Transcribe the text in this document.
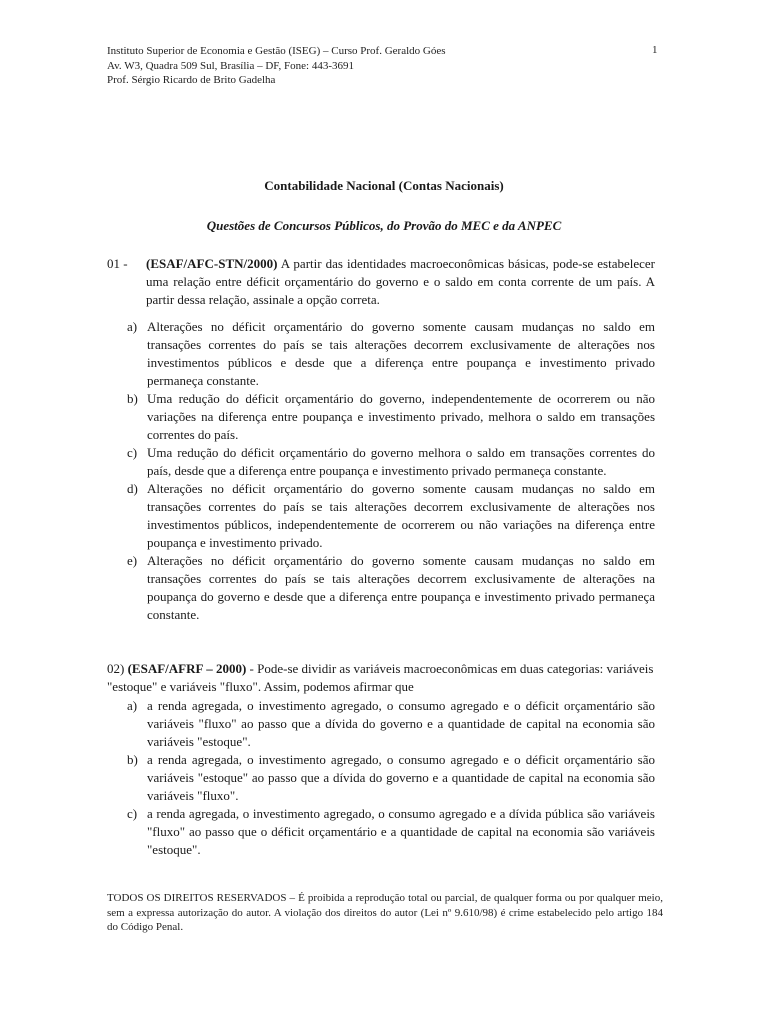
Instituto Superior de Economia e Gestão (ISEG) – Curso Prof. Geraldo Góes
Av. W3, Quadra 509 Sul, Brasília – DF, Fone: 443-3691
Prof. Sérgio Ricardo de Brito Gadelha
1
Contabilidade Nacional (Contas Nacionais)
Questões de Concursos Públicos, do Provão do MEC e da ANPEC
01 - (ESAF/AFC-STN/2000) A partir das identidades macroeconômicas básicas, pode-se estabelecer uma relação entre déficit orçamentário do governo e o saldo em conta corrente de um país. A partir dessa relação, assinale a opção correta.
a) Alterações no déficit orçamentário do governo somente causam mudanças no saldo em transações correntes do país se tais alterações decorrem exclusivamente de alterações nos investimentos públicos e desde que a diferença entre poupança e investimento privado permaneça constante.
b) Uma redução do déficit orçamentário do governo, independentemente de ocorrerem ou não variações na diferença entre poupança e investimento privado, melhora o saldo em transações correntes do país.
c) Uma redução do déficit orçamentário do governo melhora o saldo em transações correntes do país, desde que a diferença entre poupança e investimento privado permaneça constante.
d) Alterações no déficit orçamentário do governo somente causam mudanças no saldo em transações correntes do país se tais alterações decorrem exclusivamente de alterações nos investimentos públicos, independentemente de ocorrerem ou não variações na diferença entre poupança e investimento privado.
e) Alterações no déficit orçamentário do governo somente causam mudanças no saldo em transações correntes do país se tais alterações decorrem exclusivamente de alterações na poupança do governo e desde que a diferença entre poupança e investimento privado permaneça constante.
02) (ESAF/AFRF – 2000) - Pode-se dividir as variáveis macroeconômicas em duas categorias: variáveis "estoque" e variáveis "fluxo". Assim, podemos afirmar que
a) a renda agregada, o investimento agregado, o consumo agregado e o déficit orçamentário são variáveis "fluxo" ao passo que a dívida do governo e a quantidade de capital na economia são variáveis "estoque".
b) a renda agregada, o investimento agregado, o consumo agregado e o déficit orçamentário são variáveis "estoque" ao passo que a dívida do governo e a quantidade de capital na economia são variáveis "fluxo".
c) a renda agregada, o investimento agregado, o consumo agregado e a dívida pública são variáveis "fluxo" ao passo que o déficit orçamentário e a quantidade de capital na economia são variáveis "estoque".
TODOS OS DIREITOS RESERVADOS – É proibida a reprodução total ou parcial, de qualquer forma ou por qualquer meio, sem a expressa autorização do autor. A violação dos direitos do autor (Lei nº 9.610/98) é crime estabelecido pelo artigo 184 do Código Penal.
